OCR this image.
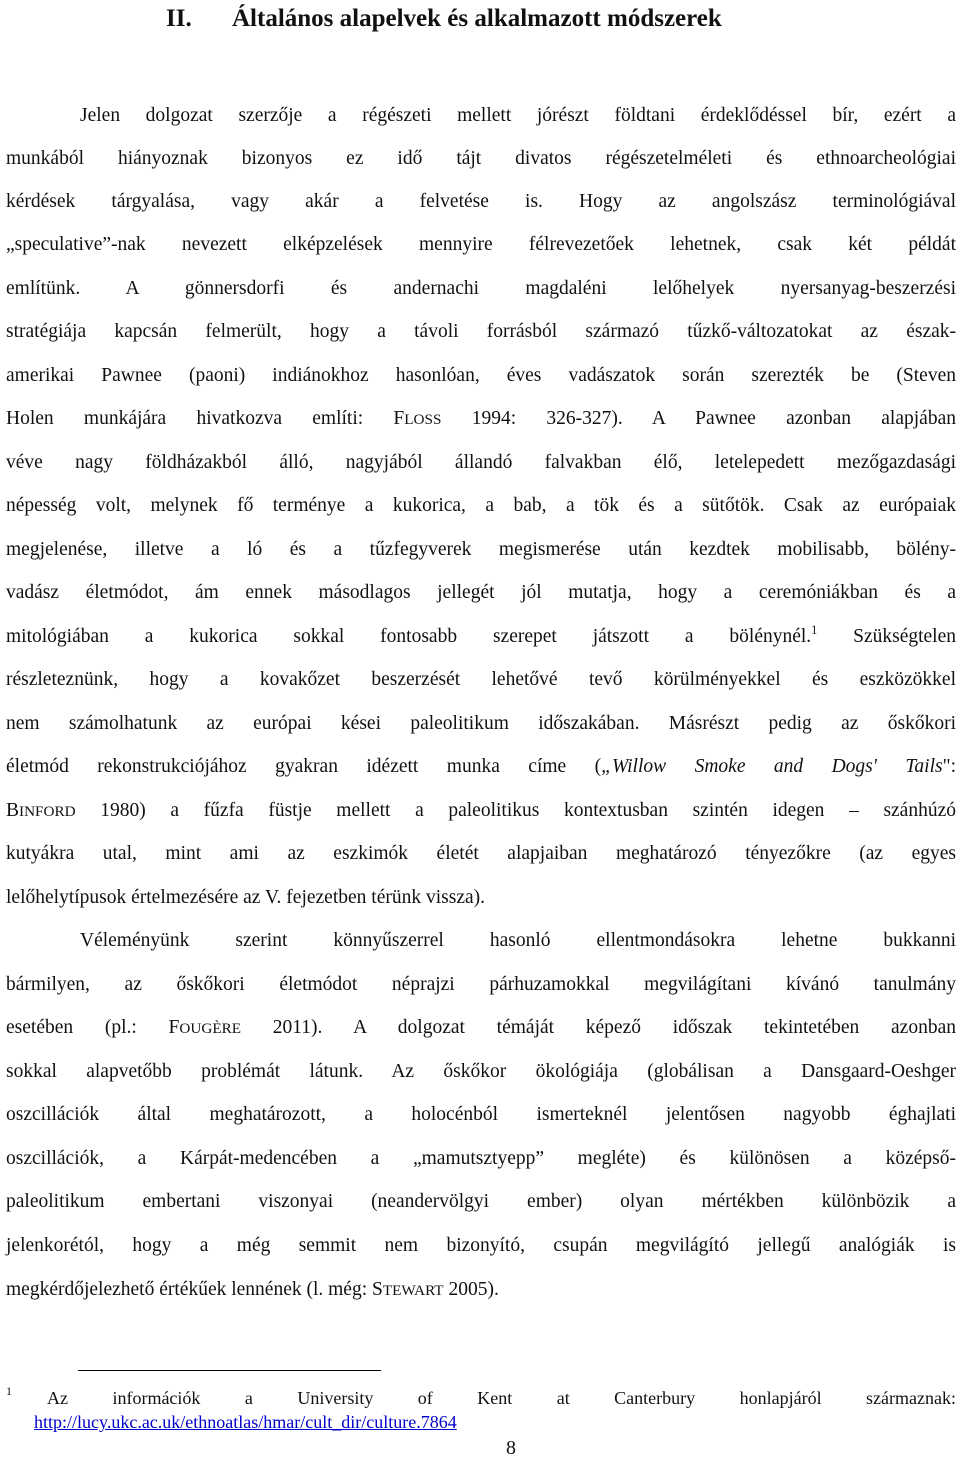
II. Általános alapelvek és alkalmazott módszerek
Jelen dolgozat szerzője a régészeti mellett jórészt földtani érdeklődéssel bír, ezért a
munkából hiányoznak bizonyos ez idő tájt divatos régészetelméleti és ethnoarcheológiai
kérdések tárgyalása, vagy akár a felvetése is. Hogy az angolszász terminológiával
„speculative”-nak nevezett elképzelések mennyire félrevezetőek lehetnek, csak két példát
említünk. A gönnersdorfi és andernachi magdaléni lelőhelyek nyersanyag-beszerzési
stratégiája kapcsán felmerült, hogy a távoli forrásból származó tűzkő-változatokat az észak-
amerikai Pawnee (paoni) indiánokhoz hasonlóan, éves vadászatok során szerezték be (Steven
Holen munkájára hivatkozva említi: FLOSS 1994: 326-327). A Pawnee azonban alapjában
véve nagy földházakból álló, nagyjából állandó falvakban élő, letelepedett mezőgazdasági
népesség volt, melynek fő terménye a kukorica, a bab, a tök és a sütőtök. Csak az európaiak
megjelenése, illetve a ló és a tűzfegyverek megismerése után kezdtek mobilisabb, bölény-
vadász életmódot, ám ennek másodlagos jellegét jól mutatja, hogy a ceremóniákban és a
mitológiában a kukorica sokkal fontosabb szerepet játszott a bölénynél.$^1$ Szükségtelen
részleteznünk, hogy a kovakőzet beszerzését lehetővé tevő körülményekkel és eszközökkel
nem számolhatunk az európai kései paleolitikum időszakában. Másrészt pedig az őskőkori
életmód rekonstrukciójához gyakran idézett munka címe („Willow Smoke and Dogs' Tails":
BINFORD 1980) a fűzfa füstje mellett a paleolitikus kontextusban szintén idegen – szánhúzó
kutyákra utal, mint ami az eszkimók életét alapjaiban meghatározó tényezőkre (az egyes
lelőhelytípusok értelmezésére az V. fejezetben térünk vissza).
Véleményünk szerint könnyűszerrel hasonló ellentmondásokra lehetne bukkanni
bármilyen, az őskőkori életmódot néprajzi párhuzamokkal megvilágítani kívánó tanulmány
esetében (pl.: FOUGÈRE 2011). A dolgozat témáját képező időszak tekintetében azonban
sokkal alapvetőbb problémát látunk. Az őskőkor ökológiája (globálisan a Dansgaard-Oeshger
oszcillációk által meghatározott, a holocénból ismerteknél jelentősen nagyobb éghajlati
oszcillációk, a Kárpát-medencében a „mamutsztyepp” megléte) és különösen a középső-
paleolitikum embertani viszonyai (neandervölgyi ember) olyan mértékben különbözik a
jelenkorétól, hogy a még semmit nem bizonyító, csupán megvilágító jellegű analógiák is
megkérdőjelezhető értékűek lennének (l. még: STEWART 2005).
1 Az információk a University of Kent at Canterbury honlapjáról származnak:
http://lucy.ukc.ac.uk/ethnoatlas/hmar/cult_dir/culture.7864
8
